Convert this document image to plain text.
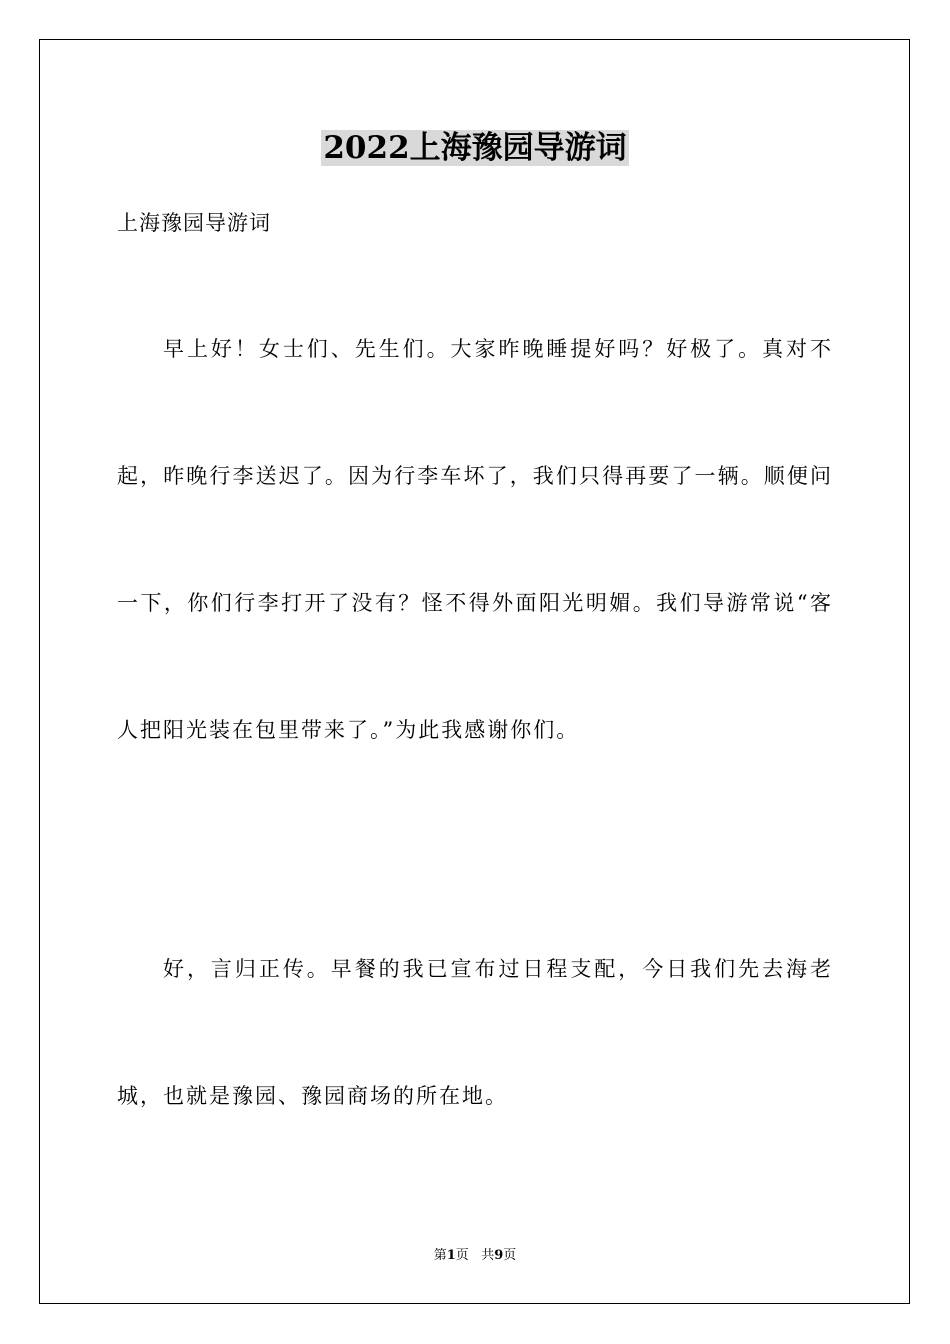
2022上海豫园导游词
上海豫园导游词

早上好！女士们、先生们。大家昨晚睡提好吗？好极了。真对不起，昨晚行李送迟了。因为行李车坏了，我们只得再要了一辆。顺便问一下，你们行李打开了没有？怪不得外面阳光明媚。我们导游常说“客人把阳光装在包里带来了。”为此我感谢你们。

好，言归正传。早餐的我已宣布过日程支配，今日我们先去海老城，也就是豫园、豫园商场的所在地。

第1页 共9页
